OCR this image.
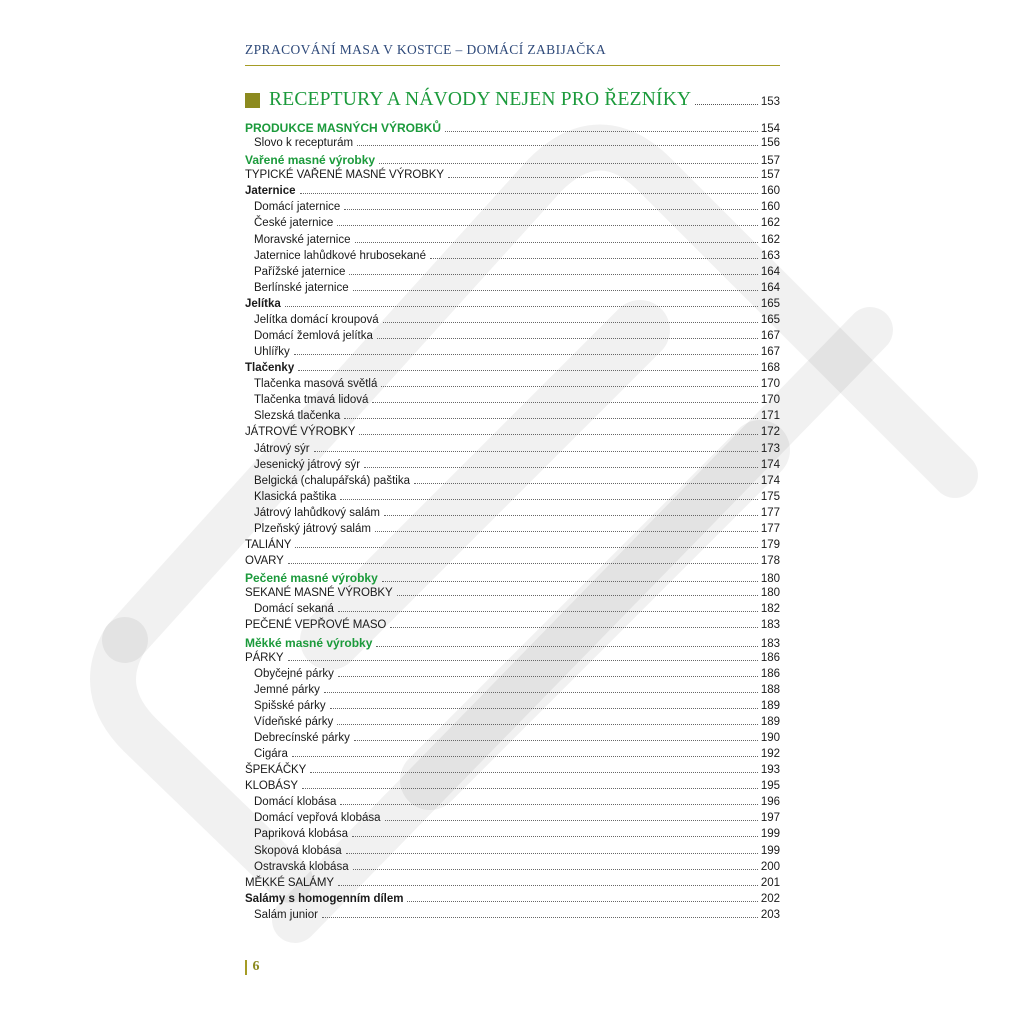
ZPRACOVÁNÍ MASA V KOSTCE – DOMÁCÍ ZABIJAČKA
RECEPTURY A NÁVODY NEJEN PRO ŘEZNÍKY	153
PRODUKCE MASNÝCH VÝROBKŮ	154
Slovo k recepturám	156
Vařené masné výrobky	157
TYPICKÉ VAŘENÉ MASNÉ VÝROBKY	157
Jaternice	160
Domácí jaternice	160
České jaternice	162
Moravské jaternice	162
Jaternice lahůdkové hrubosekané	163
Pařížské jaternice	164
Berlínské jaternice	164
Jelítka	165
Jelítka domácí kroupová	165
Domácí žemlová jelítka	167
Uhlířky	167
Tlačenky	168
Tlačenka masová světlá	170
Tlačenka tmavá lidová	170
Slezská tlačenka	171
JÁTROVÉ VÝROBKY	172
Játrový sýr	173
Jesenický játrový sýr	174
Belgická (chalupářská) paštika	174
Klasická paštika	175
Játrový lahůdkový salám	177
Plzeňský játrový salám	177
TALIÁNY	179
OVARY	178
Pečené masné výrobky	180
SEKANÉ MASNÉ VÝROBKY	180
Domácí sekaná	182
PEČENÉ VEPŘOVÉ MASO	183
Měkké masné výrobky	183
PÁRKY	186
Obyčejné párky	186
Jemné párky	188
Spišské párky	189
Vídeňské párky	189
Debrecínské párky	190
Cigára	192
ŠPEKÁČKY	193
KLOBÁSY	195
Domácí klobása	196
Domácí vepřová klobása	197
Papriková klobása	199
Skopová klobása	199
Ostravská klobása	200
MĚKKÉ SALÁMY	201
Salámy s homogenním dílem	202
Salám junior	203
6
